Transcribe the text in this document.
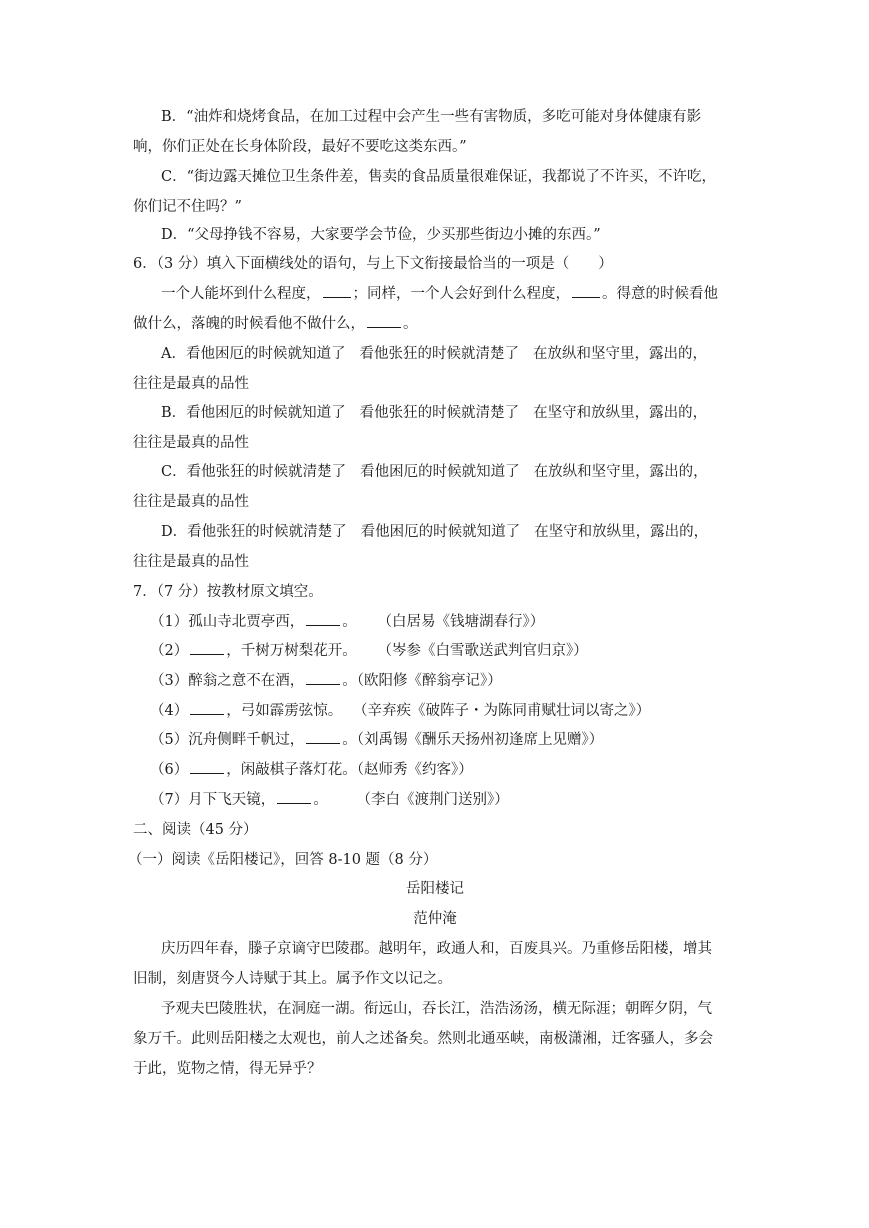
B．“油炸和烧烤食品，在加工过程中会产生一些有害物质，多吃可能对身体健康有影
响，你们正处在长身体阶段，最好不要吃这类东西。”
C．“街边露天摊位卫生条件差，售卖的食品质量很难保证，我都说了不许买，不许吃，
你们记不住吗？”
D．“父母挣钱不容易，大家要学会节俭，少买那些街边小摊的东西。”
6．（3 分）填入下面横线处的语句，与上下文衔接最恰当的一项是（　　）
一个人能坏到什么程度， ；同样，一个人会好到什么程度， 。得意的时候看他
做什么，落魄的时候看他不做什么，	。
A．看他困厄的时候就知道了 看他张狂的时候就清楚了 在放纵和坚守里，露出的，
往往是最真的品性
B．看他困厄的时候就知道了 看他张狂的时候就清楚了 在坚守和放纵里，露出的，
往往是最真的品性
C．看他张狂的时候就清楚了 看他困厄的时候就知道了 在放纵和坚守里，露出的，
往往是最真的品性
D．看他张狂的时候就清楚了 看他困厄的时候就知道了 在坚守和放纵里，露出的，
往往是最真的品性
7．（7 分）按教材原文填空。
（1）孤山寺北贾亭西，	。 （白居易《钱塘湖春行》）
（2）	，千树万树梨花开。 （岑参《白雪歌送武判官归京》）
（3）醉翁之意不在酒，	。（欧阳修《醉翁亭记》）
（4）	，弓如霹雳弦惊。 （辛弃疾《破阵子・为陈同甫赋壮词以寄之》）
（5）沉舟侧畔千帆过，	。（刘禹锡《酬乐天扬州初逢席上见赠》）
（6）	，闲敲棋子落灯花。（赵师秀《约客》）
（7）月下飞天镜，	。 （李白《渡荆门送别》）
二、阅读（45 分）
（一）阅读《岳阳楼记》，回答 8-10 题（8 分）
岳阳楼记
范仲淹
庆历四年春，滕子京谪守巴陵郡。越明年，政通人和，百废具兴。乃重修岳阳楼，增其
旧制，刻唐贤今人诗赋于其上。属予作文以记之。
予观夫巴陵胜状，在洞庭一湖。衔远山，吞长江，浩浩汤汤，横无际涯；朝晖夕阴，气
象万千。此则岳阳楼之大观也，前人之述备矣。然则北通巫峡，南极潇湘，迁客骚人，多会
于此，览物之情，得无异乎？
